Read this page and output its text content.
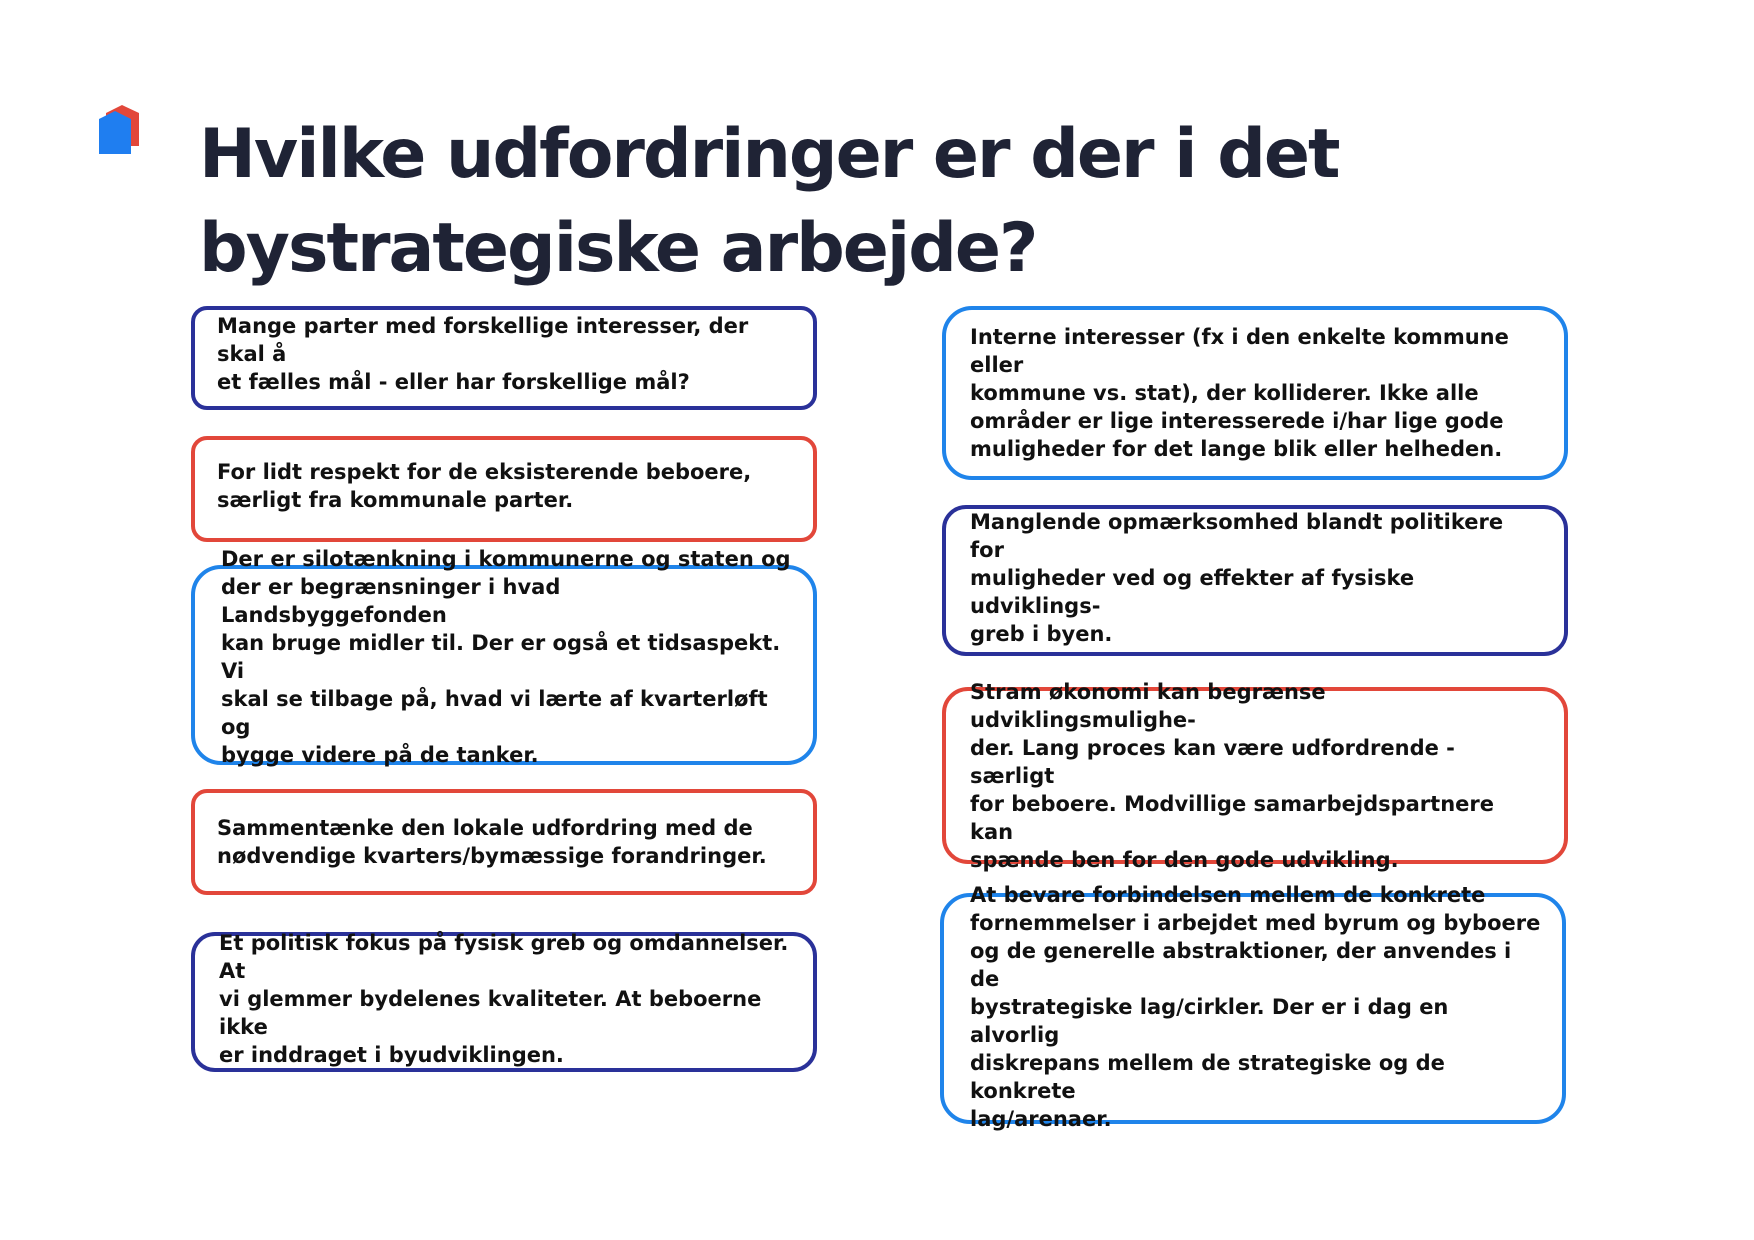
Hvilke udfordringer er der i det bystrategiske arbejde?

Mange parter med forskellige interesser, der skal å
et fælles mål - eller har forskellige mål?

For lidt respekt for de eksisterende beboere,
særligt fra kommunale parter.

Der er silotænkning i kommunerne og staten og
der er begrænsninger i hvad Landsbyggefonden
kan bruge midler til. Der er også et tidsaspekt. Vi
skal se tilbage på, hvad vi lærte af kvarterløft og
bygge videre på de tanker.

Sammentænke den lokale udfordring med de
nødvendige kvarters/bymæssige forandringer.

Et politisk fokus på fysisk greb og omdannelser. At
vi glemmer bydelenes kvaliteter. At beboerne ikke
er inddraget i byudviklingen.

Interne interesser (fx i den enkelte kommune eller
kommune vs. stat), der kolliderer. Ikke alle
områder er lige interesserede i/har lige gode
muligheder for det lange blik eller helheden.

Manglende opmærksomhed blandt politikere for
muligheder ved og effekter af fysiske udviklings-
greb i byen.

Stram økonomi kan begrænse udviklingsmulighe-
der. Lang proces kan være udfordrende - særligt
for beboere. Modvillige samarbejdspartnere kan
spænde ben for den gode udvikling.

At bevare forbindelsen mellem de konkrete
fornemmelser i arbejdet med byrum og byboere
og de generelle abstraktioner, der anvendes i de
bystrategiske lag/cirkler. Der er i dag en alvorlig
diskrepans mellem de strategiske og de konkrete
lag/arenaer.
